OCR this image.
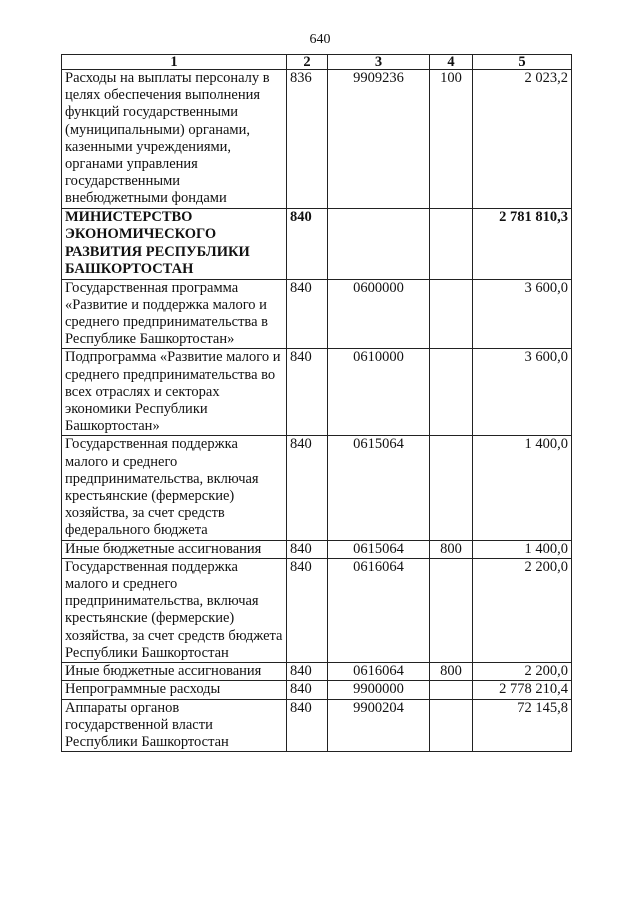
640
1	2	3	4	5
Расходы на выплаты персоналу в целях обеспечения выполнения функций государственными (муниципальными) органами, казенными учреждениями, органами управления государственными внебюджетными фондами	836	9909236	100	2 023,2
МИНИСТЕРСТВО ЭКОНОМИЧЕСКОГО РАЗВИТИЯ РЕСПУБЛИКИ БАШКОРТОСТАН	840			2 781 810,3
Государственная программа «Развитие и поддержка малого и среднего предпринимательства в Республике Башкортостан»	840	0600000		3 600,0
Подпрограмма «Развитие малого и среднего предпринимательства во всех отраслях и секторах экономики Республики Башкортостан»	840	0610000		3 600,0
Государственная поддержка малого и среднего предпринимательства, включая крестьянские (фермерские) хозяйства, за счет средств федерального бюджета	840	0615064		1 400,0
Иные бюджетные ассигнования	840	0615064	800	1 400,0
Государственная поддержка малого и среднего предпринимательства, включая крестьянские (фермерские) хозяйства, за счет средств бюджета Республики Башкортостан	840	0616064		2 200,0
Иные бюджетные ассигнования	840	0616064	800	2 200,0
Непрограммные расходы	840	9900000		2 778 210,4
Аппараты органов государственной власти Республики Башкортостан	840	9900204		72 145,8
